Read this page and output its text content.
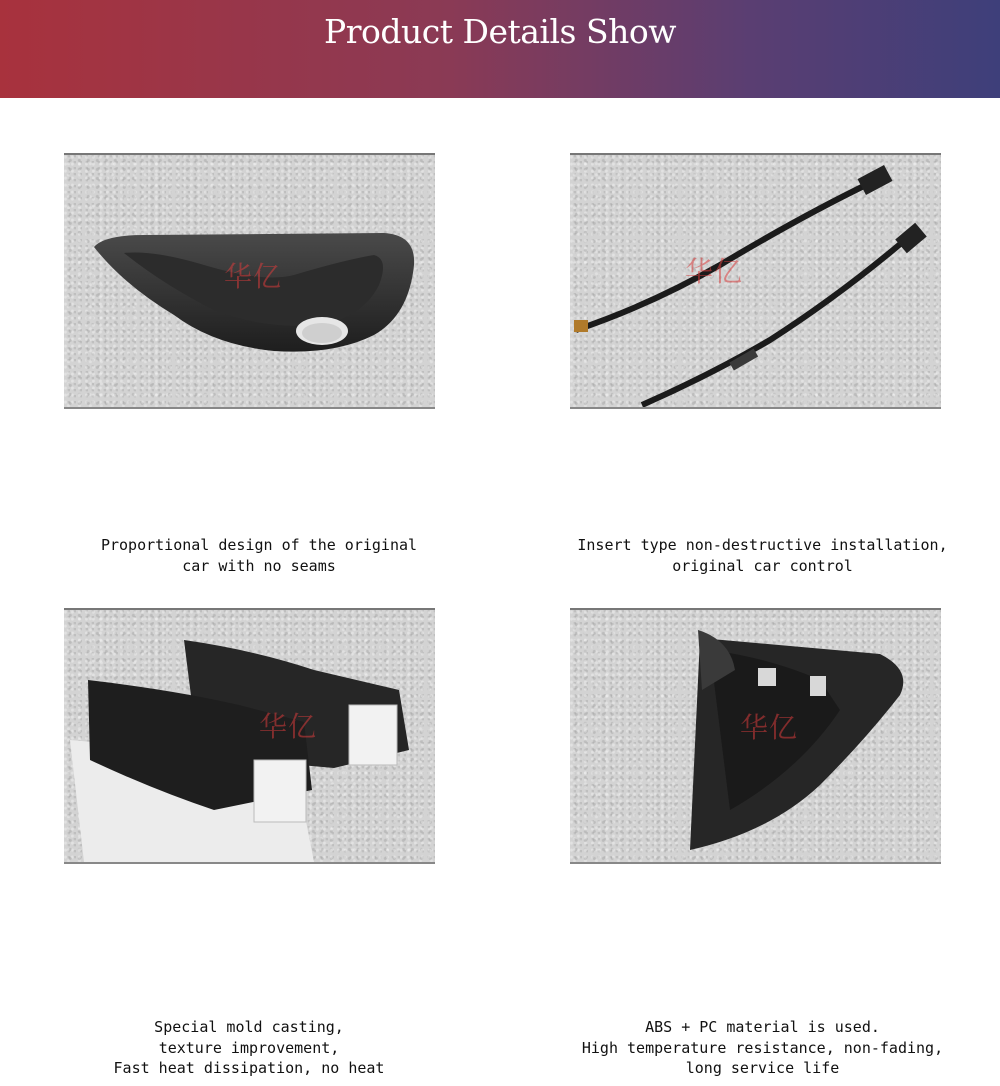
Product Details Show
华亿
Proportional design of the original
car with no seams
华亿
Insert type non-destructive installation,
original car control
华亿
Special mold casting,
texture improvement,
Fast heat dissipation, no heat
华亿
ABS + PC material is used.
High temperature resistance, non-fading,
long service life
